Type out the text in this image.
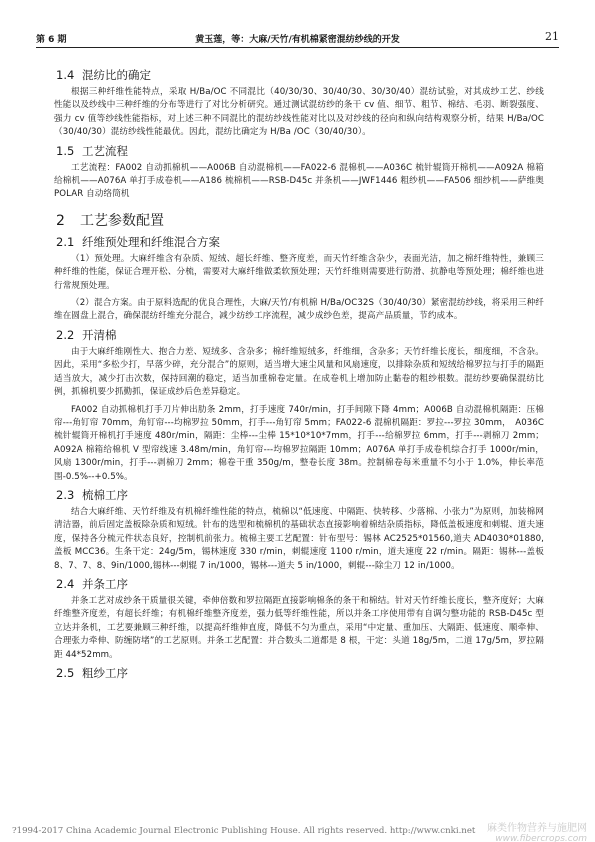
第 6 期	黄玉莲，等：大麻/天竹/有机棉紧密混纺纱线的开发	21
1.4 混纺比的确定

根据三种纤维性能特点，采取 H/Ba/OC 不同混比（40/30/30、30/40/30、30/30/40）混纺试验，对其成纱工艺、纱线性能以及纱线中三种纤维的分布等进行了对比分析研究。通过测试混纺纱的条干 cv 值、细节、粗节、棉结、毛羽、断裂强度、强力 cv 值等纱线性能指标，对上述三种不同混比的混纺纱线性能对比以及对纱线的径向和纵向结构观察分析，结果 H/Ba/OC（30/40/30）混纺纱线性能最优。因此，混纺比确定为 H/Ba /OC（30/40/30）。

1.5 工艺流程

工艺流程：FA002 自动抓棉机——A006B 自动混棉机——FA022-6 混棉机——A036C 梳针辊筒开棉机——A092A 棉箱给棉机——A076A 单打手成卷机——A186 梳棉机——RSB-D45c 并条机——JWF1446 粗纱机——FA506 细纱机——萨维奥 POLAR 自动络筒机

2 工艺参数配置
2.1 纤维预处理和纤维混合方案

（1）预处理。大麻纤维含有杂质、短绒、超长纤维、整齐度差，而天竹纤维含杂少，表面光洁，加之棉纤维特性，兼顾三种纤维的性能，保证合理开松、分梳，需要对大麻纤维做柔软预处理；天竹纤维则需要进行防滑、抗静电等预处理；棉纤维也进行常规预处理。

（2）混合方案。由于原料选配的优良合理性，大麻/天竹/有机棉 H/Ba/OC32S（30/40/30）紧密混纺纱线，将采用三种纤维在圆盘上混合，确保混纺纤维充分混合，减少纺纱工序流程，减少成纱色差，提高产品质量，节约成本。

2.2 开清棉

由于大麻纤维刚性大、抱合力差、短绒多、含杂多；棉纤维短绒多，纤维细，含杂多；天竹纤维长度长，细度细，不含杂。因此，采用“多松少打，早落少碎，充分混合”的原则，适当增大速尘风量和风扇速度，以排除杂质和短绒给棉罗拉与打手的隔距适当放大，减少打击次数，保持回潮的稳定，适当加重棉卷定量。在成卷机上增加防止黏卷的粗纱根数。混纺纱要确保混纺比例，抓棉机要少抓勤抓，保证成纱后色差异稳定。

FA002 自动抓棉机打手刀片伸出肋条 2mm，打手速度 740r/min，打手间隙下降 4mm；A006B 自动混棉机隔距：压棉帘---角钉帘 70mm，角钉帘---均棉罗拉 50mm，打手---角钉帘 5mm；FA022-6 混棉机隔距：罗拉---罗拉 30mm，　A036C 梳针辊筒开棉机打手速度 480r/min，隔距：尘棒---尘棒 15*10*10*7mm，打手---给棉罗拉 6mm，打手---剥棉刀 2mm；A092A 棉箱给棉机 V 型帘线速 3.48m/min，角钉帘---均棉罗拉隔距 10mm；A076A 单打手成卷机综合打手 1000r/min，风扇 1300r/min，打手---剥棉刀 2mm；棉卷干重 350g/m，整卷长度 38m。控制棉卷每米重量不匀小于 1.0%，伸长率范围-0.5%--+0.5%。

2.3 梳棉工序

结合大麻纤维、天竹纤维及有机棉纤维性能的特点，梳棉以“低速度、中隔距、快转移、少落棉、小张力”为原则，加装棉网清洁器，前后固定盖板除杂质和短绒。针布的选型和梳棉机的基础状态直接影响着棉结杂质指标，降低盖板速度和刺辊、道夫速度，保持各分梳元件状态良好，控制机前张力。梳棉主要工艺配置：针布型号：锡林 AC2525*01560,道夫 AD4030*01880,盖板 MCC36。生条干定：24g/5m，锡林速度 330 r/min，刺辊速度 1100 r/min，道夫速度 22 r/min。隔距：锡林---盖板 8、7、7、8、9in/1000,锡林---刺辊 7 in/1000，锡林---道夫 5 in/1000，刺辊---除尘刀 12 in/1000。

2.4 并条工序

并条工艺对成纱条干质量很关键，牵伸倍数和罗拉隔距直接影响棉条的条干和棉结。针对天竹纤维长度长，整齐度好；大麻纤维整齐度差，有超长纤维；有机棉纤维整齐度差，强力低等纤维性能，所以并条工序使用带有自调匀整功能的 RSB-D45c 型立达并条机，工艺要兼顾三种纤维，以提高纤维伸直度，降低不匀为重点，采用“中定量、重加压、大隔距、低速度、顺牵伸、合理张力牵伸、防缠防堵”的工艺原则。并条工艺配置：并合数头二道都是 8 根，干定：头道 18g/5m，二道 17g/5m，罗拉隔距 44*52mm。

2.5 粗纱工序
?1994-2017 China Academic Journal Electronic Publishing House. All rights reserved. http://www.cnki.net 麻类作物营养与施肥网
www.fibercrops.com
